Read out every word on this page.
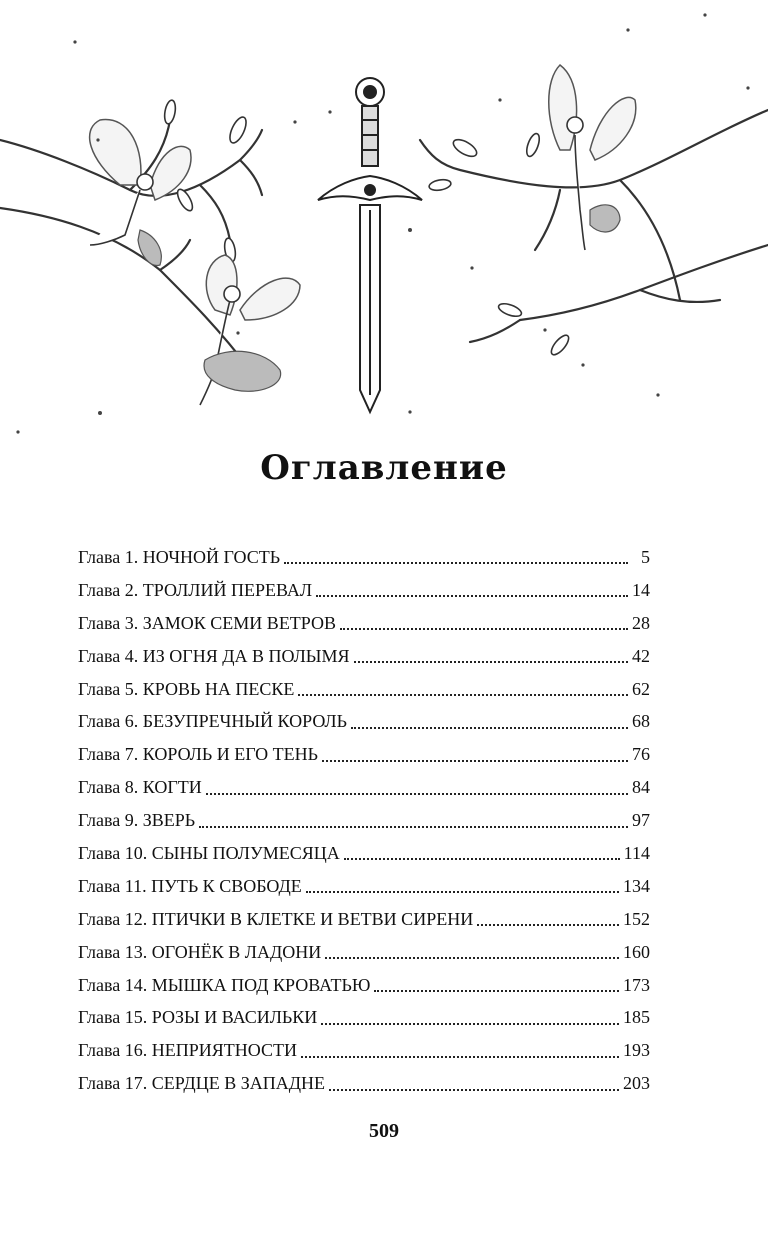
Оглавление
Глава 1. НОЧНОЙ ГОСТЬ	5
Глава 2. ТРОЛЛИЙ ПЕРЕВАЛ	14
Глава 3. ЗАМОК СЕМИ ВЕТРОВ	28
Глава 4. ИЗ ОГНЯ ДА В ПОЛЫМЯ	42
Глава 5. КРОВЬ НА ПЕСКЕ	62
Глава 6. БЕЗУПРЕЧНЫЙ КОРОЛЬ	68
Глава 7. КОРОЛЬ И ЕГО ТЕНЬ	76
Глава 8. КОГТИ	84
Глава 9. ЗВЕРЬ	97
Глава 10. СЫНЫ ПОЛУМЕСЯЦА	114
Глава 11. ПУТЬ К СВОБОДЕ	134
Глава 12. ПТИЧКИ В КЛЕТКЕ И ВЕТВИ СИРЕНИ	152
Глава 13. ОГОНЁК В ЛАДОНИ	160
Глава 14. МЫШКА ПОД КРОВАТЬЮ	173
Глава 15. РОЗЫ И ВАСИЛЬКИ	185
Глава 16. НЕПРИЯТНОСТИ	193
Глава 17. СЕРДЦЕ В ЗАПАДНЕ	203
509
